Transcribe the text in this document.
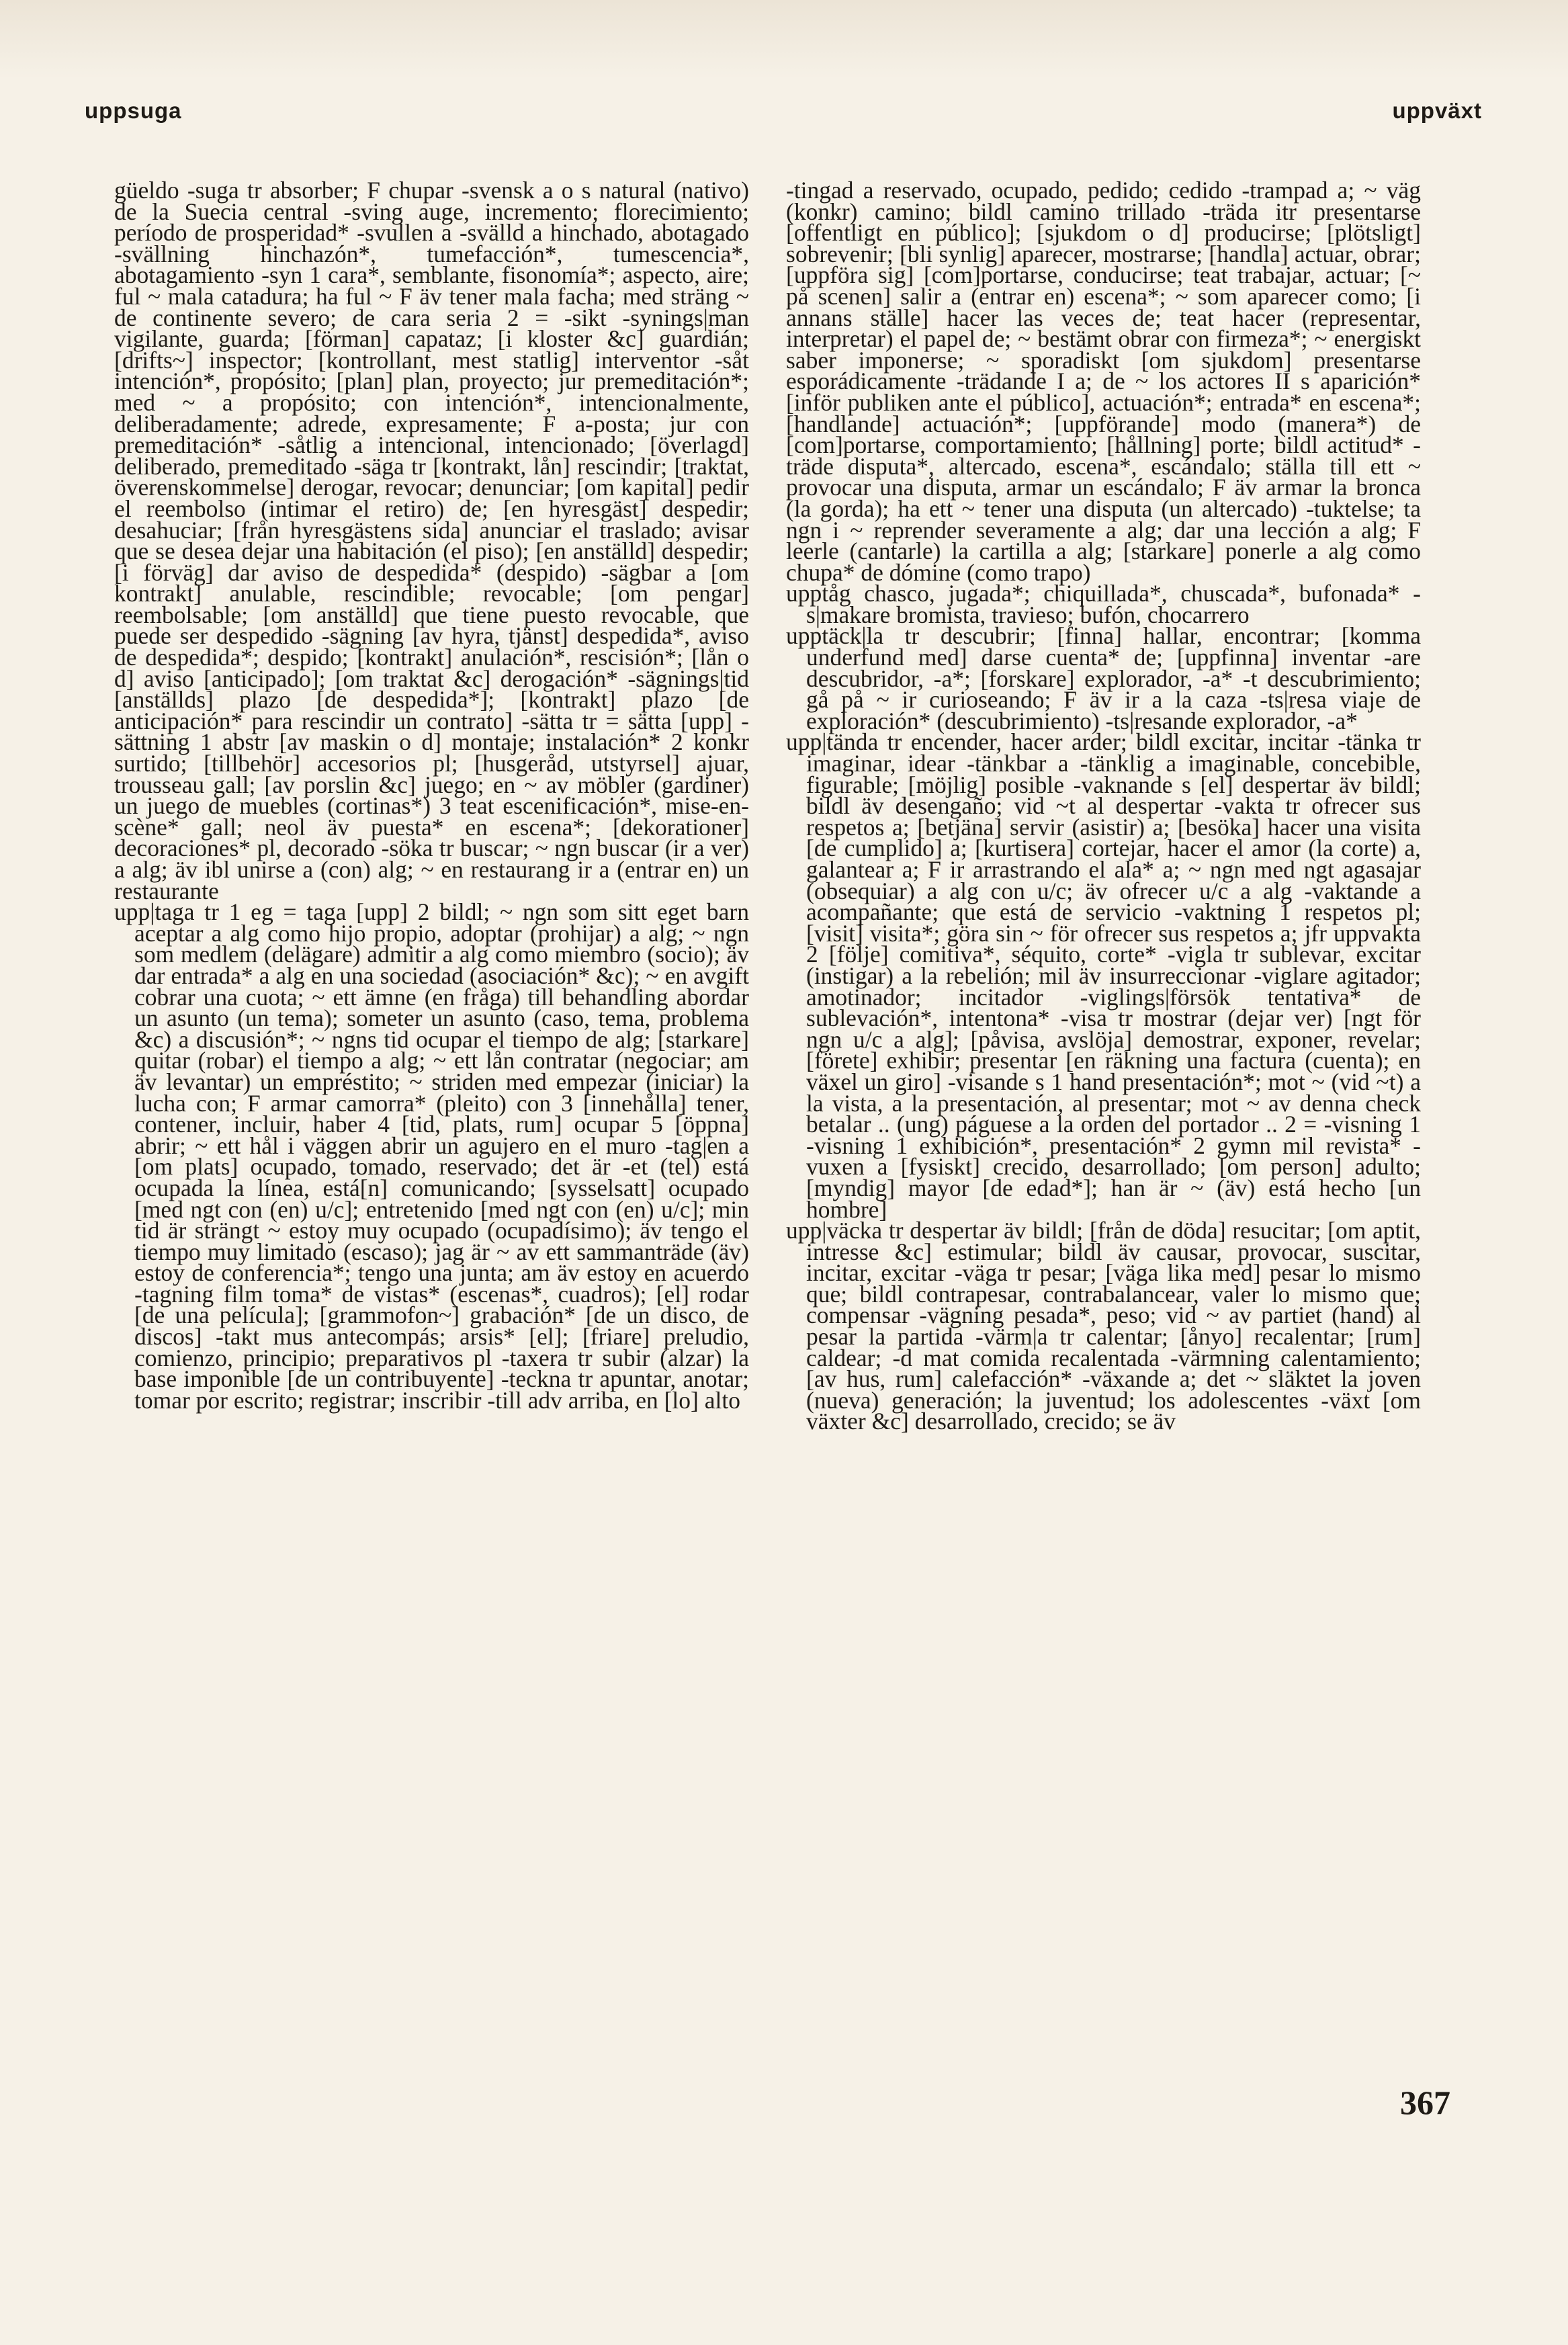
uppsuga	uppväxt

güeldo -suga tr absorber; F chupar -svensk a o s natural (nativo) de la Suecia central -sving auge, incremento; florecimiento; período de prosperidad* -svullen a -svälld a hinchado, abotagado -svällning hinchazón*, tumefacción*, tumescencia*, abotagamiento -syn 1 cara*, semblante, fisonomía*; aspecto, aire; ful ~ mala catadura; ha ful ~ F äv tener mala facha; med sträng ~ de continente severo; de cara seria 2 = -sikt -synings|man vigilante, guarda; [förman] capataz; [i kloster &c] guardián; [drifts~] inspector; [kontrollant, mest statlig] interventor -såt intención*, propósito; [plan] plan, proyecto; jur premeditación*; med ~ a propósito; con intención*, intencionalmente, deliberadamente; adrede, expresamente; F a-posta; jur con premeditación* -såtlig a intencional, intencionado; [överlagd] deliberado, premeditado -säga tr [kontrakt, lån] rescindir; [traktat, överenskommelse] derogar, revocar; denunciar; [om kapital] pedir el reembolso (intimar el retiro) de; [en hyresgäst] despedir; desahuciar; [från hyresgästens sida] anunciar el traslado; avisar que se desea dejar una habitación (el piso); [en anställd] despedir; [i förväg] dar aviso de despedida* (despido) -sägbar a [om kontrakt] anulable, rescindible; revocable; [om pengar] reembolsable; [om anställd] que tiene puesto revocable, que puede ser despedido -sägning [av hyra, tjänst] despedida*, aviso de despedida*; despido; [kontrakt] anulación*, rescisión*; [lån o d] aviso [anticipado]; [om traktat &c] derogación* -sägnings|tid [anställds] plazo [de despedida*]; [kontrakt] plazo [de anticipación* para rescindir un contrato] -sätta tr = sätta [upp] -sättning 1 abstr [av maskin o d] montaje; instalación* 2 konkr surtido; [tillbehör] accesorios pl; [husgeråd, utstyrsel] ajuar, trousseau gall; [av porslin &c] juego; en ~ av möbler (gardiner) un juego de muebles (cortinas*) 3 teat escenificación*, mise-en-scène* gall; neol äv puesta* en escena*; [dekorationer] decoraciones* pl, decorado -söka tr buscar; ~ ngn buscar (ir a ver) a alg; äv ibl unirse a (con) alg; ~ en restaurang ir a (entrar en) un restaurante

upp|taga tr 1 eg = taga [upp] 2 bildl; ~ ngn som sitt eget barn aceptar a alg como hijo propio, adoptar (prohijar) a alg; ~ ngn som medlem (delägare) admitir a alg como miembro (socio); äv dar entrada* a alg en una sociedad (asociación* &c); ~ en avgift cobrar una cuota; ~ ett ämne (en fråga) till behandling abordar un asunto (un tema); someter un asunto (caso, tema, problema &c) a discusión*; ~ ngns tid ocupar el tiempo de alg; [starkare] quitar (robar) el tiempo a alg; ~ ett lån contratar (negociar; am äv levantar) un empréstito; ~ striden med empezar (iniciar) la lucha con; F armar camorra* (pleito) con 3 [innehålla] tener, contener, incluir, haber 4 [tid, plats, rum] ocupar 5 [öppna] abrir; ~ ett hål i väggen abrir un agujero en el muro -tag|en a [om plats] ocupado, tomado, reservado; det är -et (tel) está ocupada la línea, está[n] comunicando; [sysselsatt] ocupado [med ngt con (en) u/c]; entretenido [med ngt con (en) u/c]; min tid är strängt ~ estoy muy ocupado (ocupadísimo); äv tengo el tiempo muy limitado (escaso); jag är ~ av ett sammanträde (äv) estoy de conferencia*; tengo una junta; am äv estoy en acuerdo -tagning film toma* de vistas* (escenas*, cuadros); [el] rodar [de una película]; [grammofon~] grabación* [de un disco, de discos] -takt mus antecompás; arsis* [el]; [friare] preludio, comienzo, principio; preparativos pl -taxera tr subir (alzar) la base imponible [de un contribuyente] -teckna tr apuntar, anotar; tomar por escrito; registrar; inscribir -till adv arriba, en [lo] alto

-tingad a reservado, ocupado, pedido; cedido -trampad a; ~ väg (konkr) camino; bildl camino trillado -träda itr presentarse [offentligt en público]; [sjukdom o d] producirse; [plötsligt] sobrevenir; [bli synlig] aparecer, mostrarse; [handla] actuar, obrar; [uppföra sig] [com]portarse, conducirse; teat trabajar, actuar; [~ på scenen] salir a (entrar en) escena*; ~ som aparecer como; [i annans ställe] hacer las veces de; teat hacer (representar, interpretar) el papel de; ~ bestämt obrar con firmeza*; ~ energiskt saber imponerse; ~ sporadiskt [om sjukdom] presentarse esporádicamente -trädande I a; de ~ los actores II s aparición* [inför publiken ante el público], actuación*; entrada* en escena*; [handlande] actuación*; [uppförande] modo (manera*) de [com]portarse, comportamiento; [hållning] porte; bildl actitud* -träde disputa*, altercado, escena*, escándalo; ställa till ett ~ provocar una disputa, armar un escándalo; F äv armar la bronca (la gorda); ha ett ~ tener una disputa (un altercado) -tuktelse; ta ngn i ~ reprender severamente a alg; dar una lección a alg; F leerle (cantarle) la cartilla a alg; [starkare] ponerle a alg como chupa* de dómine (como trapo)

upptåg chasco, jugada*; chiquillada*, chuscada*, bufonada* -s|makare bromista, travieso; bufón, chocarrero

upptäck|la tr descubrir; [finna] hallar, encontrar; [komma underfund med] darse cuenta* de; [uppfinna] inventar -are descubridor, -a*; [forskare] explorador, -a* -t descubrimiento; gå på ~ ir curioseando; F äv ir a la caza -ts|resa viaje de exploración* (descubrimiento) -ts|resande explorador, -a*

upp|tända tr encender, hacer arder; bildl excitar, incitar -tänka tr imaginar, idear -tänkbar a -tänklig a imaginable, concebible, figurable; [möjlig] posible -vaknande s [el] despertar äv bildl; bildl äv desengaño; vid ~t al despertar -vakta tr ofrecer sus respetos a; [betjäna] servir (asistir) a; [besöka] hacer una visita [de cumplido] a; [kurtisera] cortejar, hacer el amor (la corte) a, galantear a; F ir arrastrando el ala* a; ~ ngn med ngt agasajar (obsequiar) a alg con u/c; äv ofrecer u/c a alg -vaktande a acompañante; que está de servicio -vaktning 1 respetos pl; [visit] visita*; göra sin ~ för ofrecer sus respetos a; jfr uppvakta 2 [följe] comitiva*, séquito, corte* -vigla tr sublevar, excitar (instigar) a la rebelión; mil äv insurreccionar -viglare agitador; amotinador; incitador -viglings|försök tentativa* de sublevación*, intentona* -visa tr mostrar (dejar ver) [ngt för ngn u/c a alg]; [påvisa, avslöja] demostrar, exponer, revelar; [förete] exhibir; presentar [en räkning una factura (cuenta); en växel un giro] -visande s 1 hand presentación*; mot ~ (vid ~t) a la vista, a la presentación, al presentar; mot ~ av denna check betalar .. (ung) páguese a la orden del portador .. 2 = -visning 1 -visning 1 exhibición*, presentación* 2 gymn mil revista* -vuxen a [fysiskt] crecido, desarrollado; [om person] adulto; [myndig] mayor [de edad*]; han är ~ (äv) está hecho [un hombre]

upp|väcka tr despertar äv bildl; [från de döda] resucitar; [om aptit, intresse &c] estimular; bildl äv causar, provocar, suscitar, incitar, excitar -väga tr pesar; [väga lika med] pesar lo mismo que; bildl contrapesar, contrabalancear, valer lo mismo que; compensar -vägning pesada*, peso; vid ~ av partiet (hand) al pesar la partida -värm|a tr calentar; [ånyo] recalentar; [rum] caldear; -d mat comida recalentada -värmning calentamiento; [av hus, rum] calefacción* -växande a; det ~ släktet la joven (nueva) generación; la juventud; los adolescentes -växt [om växter &c] desarrollado, crecido; se äv

367
